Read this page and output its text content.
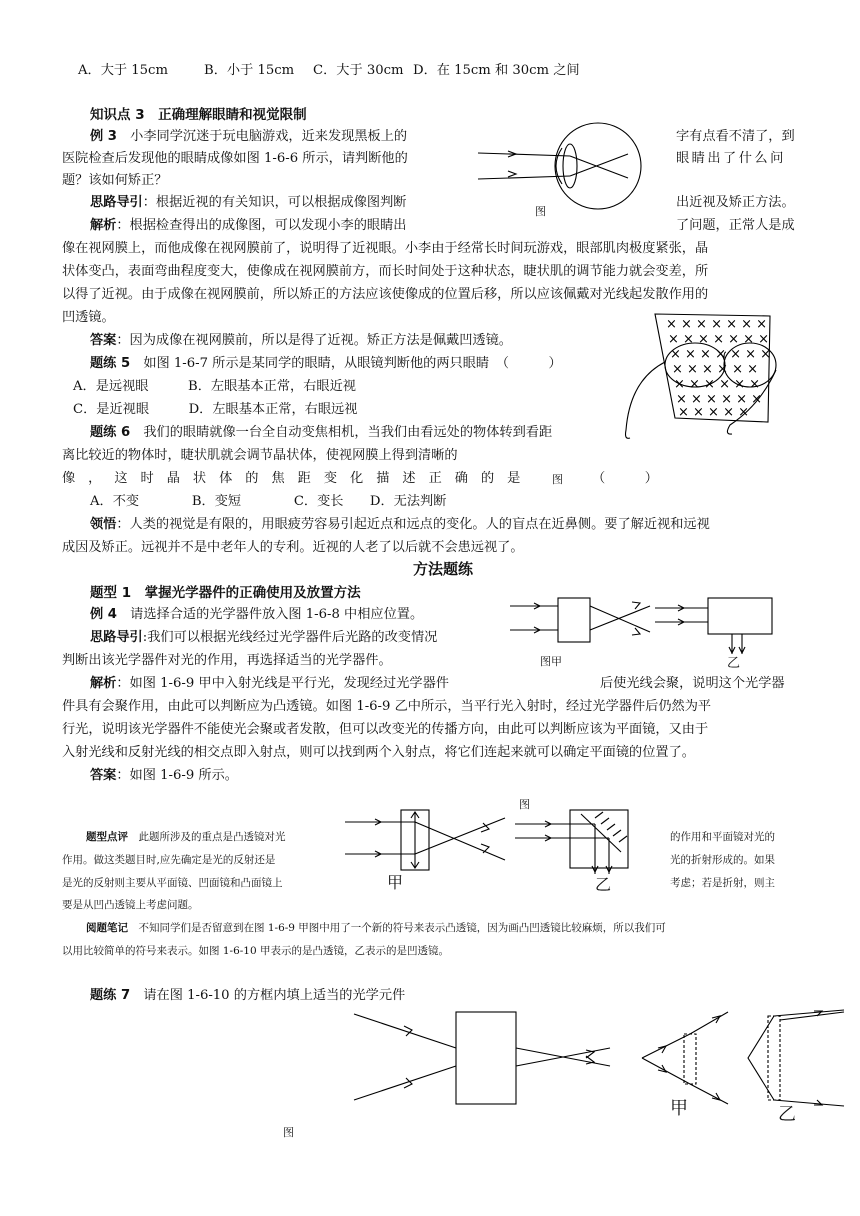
A．大于 15cm	B．小于 15cm C．大于 30cm D．在 15cm 和 30cm 之间
知识点 3　正确理解眼睛和视觉限制
例 3　 小李同学沉迷于玩电脑游戏，近来发现黑板上的	字有点看不清了，到
医院检查后发现他的眼睛成像如图 1-6-6 所示，请判断他的	眼睛出了什么问
题？该如何矫正？
思路导引：根据近视的有关知识，可以根据成像图判断	出近视及矫正方法。
图
解析：根据检查得出的成像图，可以发现小李的眼睛出	了问题，正常人是成
像在视网膜上，而他成像在视网膜前了，说明得了近视眼。小李由于经常长时间玩游戏，眼部肌肉极度紧张，晶
状体变凸，表面弯曲程度变大，使像成在视网膜前方，而长时间处于这种状态，睫状肌的调节能力就会变差，所
以得了近视。由于成像在视网膜前，所以矫正的方法应该使像成的位置后移，所以应该佩戴对光线起发散作用的
凹透镜。
答案：因为成像在视网膜前，所以是得了近视。矫正方法是佩戴凹透镜。
× × × × × × ×
× × × × × × ×
× × × × × × ×
× × × × × ×
× × × × × ×
× × × × × ×
× × × × ×
题练 5　 如图 1-6-7 所示是某同学的眼睛，从眼镜判断他的两只眼睛　（　　　）
A．是远视眼　　　B．左眼基本正常，右眼近视
C．是近视眼　　　D．左眼基本正常，右眼远视
题练 6　 我们的眼睛就像一台全自动变焦相机，当我们由看远处的物体转到看距
离比较近的物体时，睫状肌就会调节晶状体，使视网膜上得到清晰的
像，这时晶状体的焦距变化描述正确的是 图 （　　　）
A．不变　　　　B．变短　　　　C．变长　　D．无法判断
领悟：人类的视觉是有限的，用眼疲劳容易引起近点和远点的变化。人的盲点在近鼻侧。要了解近视和远视
成因及矫正。远视并不是中老年人的专利。近视的人老了以后就不会患远视了。
方法题练
题型 1　掌握光学器件的正确使用及放置方法
例 4　 请选择合适的光学器件放入图 1-6-8 中相应位置。
思路导引:我们可以根据光线经过光学器件后光路的改变情况
判断出该光学器件对光的作用，再选择适当的光学器件。	图甲	乙
解析：如图 1-6-9 甲中入射光线是平行光，发现经过光学器件	后使光线会聚，说明这个光学器
件具有会聚作用，由此可以判断应为凸透镜。如图 1-6-9 乙中所示，当平行光入射时，经过光学器件后仍然为平
行光，说明该光学器件不能使光会聚或者发散，但可以改变光的传播方向，由此可以判断应该为平面镜，又由于
入射光线和反射光线的相交点即入射点，则可以找到两个入射点，将它们连起来就可以确定平面镜的位置了。
答案：如图 1-6-9 所示。
图
甲	乙
题型点评　 此题所涉及的重点是凸透镜对光	的作用和平面镜对光的
作用。做这类题目时,应先确定是光的反射还是	光的折射形成的。如果
是光的反射则主要从平面镜、凹面镜和凸面镜上	考虑；若是折射，则主
要是从凹凸透镜上考虑问题。
阅题笔记　 不知同学们是否留意到在图 1-6-9 甲图中用了一个新的符号来表示凸透镜，因为画凸凹透镜比较麻烦，所以我们可
以用比较简单的符号来表示。如图 1-6-10 甲表示的是凸透镜，乙表示的是凹透镜。
题练 7　 请在图 1-6-10 的方框内填上适当的光学元件
图
甲	乙
